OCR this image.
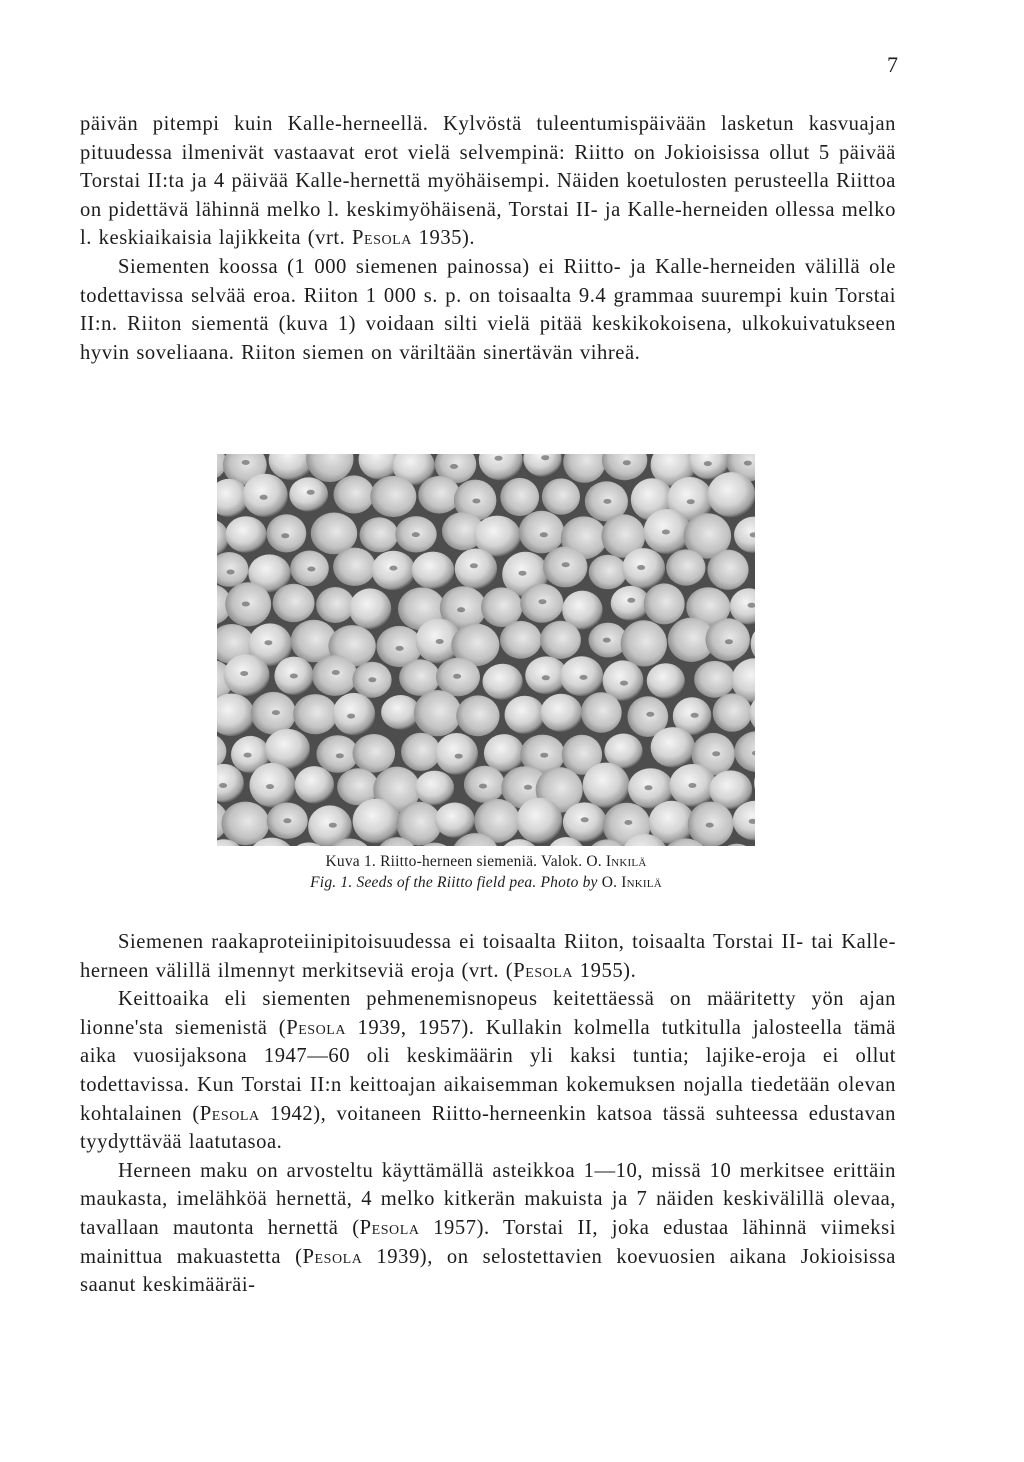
7

päivän pitempi kuin Kalle-herneellä. Kylvöstä tuleentumispäivään lasketun kasvuajan pituudessa ilmenivät vastaavat erot vielä selvempinä: Riitto on Jokioisissa ollut 5 päivää Torstai II:ta ja 4 päivää Kalle-hernettä myöhäisempi. Näiden koetulosten perusteella Riittoa on pidettävä lähinnä melko l. keskimyöhäisenä, Torstai II- ja Kalle-herneiden ollessa melko l. keskiaikaisia lajikkeita (vrt. Pesola 1935).

Siementen koossa (1 000 siemenen painossa) ei Riitto- ja Kalle-herneiden välillä ole todettavissa selvää eroa. Riiton 1 000 s. p. on toisaalta 9.4 grammaa suurempi kuin Torstai II:n. Riiton siementä (kuva 1) voidaan silti vielä pitää keskikokoisena, ulkokuivatukseen hyvin soveliaana. Riiton siemen on väriltään sinertävän vihreä.

Kuva 1. Riitto-herneen siemeniä. Valok. O. Inkilä
Fig. 1. Seeds of the Riitto field pea. Photo by O. Inkilä

Siemenen raakaproteiinipitoisuudessa ei toisaalta Riiton, toisaalta Torstai II- tai Kalle-herneen välillä ilmennyt merkitseviä eroja (vrt. (Pesola 1955).

Keittoaika eli siementen pehmenemisnopeus keitettäessä on määritetty yön ajan lionne'sta siemenistä (Pesola 1939, 1957). Kullakin kolmella tutkitulla jalosteella tämä aika vuosijaksona 1947—60 oli keskimäärin yli kaksi tuntia; lajike-eroja ei ollut todettavissa. Kun Torstai II:n keittoajan aikaisemman kokemuksen nojalla tiedetään olevan kohtalainen (Pesola 1942), voitaneen Riitto-herneenkin katsoa tässä suhteessa edustavan tyydyttävää laatutasoa.

Herneen maku on arvosteltu käyttämällä asteikkoa 1—10, missä 10 merkitsee erittäin maukasta, imelähköä hernettä, 4 melko kitkerän makuista ja 7 näiden keskivälillä olevaa, tavallaan mautonta hernettä (Pesola 1957). Torstai II, joka edustaa lähinnä viimeksi mainittua makuastetta (Pesola 1939), on selostettavien koevuosien aikana Jokioisissa saanut keskimääräi-
